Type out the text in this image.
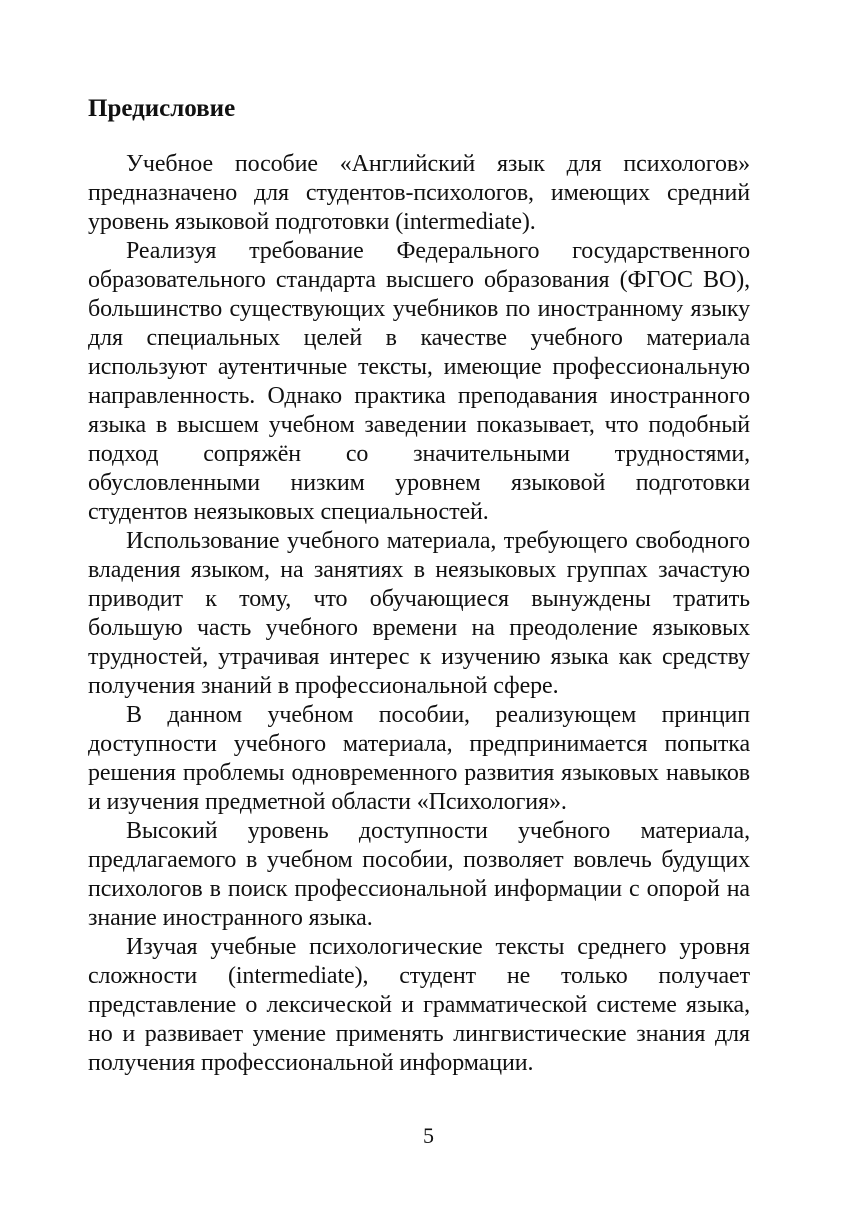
Предисловие

Учебное пособие «Английский язык для психологов» предназначено для студентов-психологов, имеющих средний уровень языковой подготовки (intermediate).

Реализуя требование Федерального государственного образовательного стандарта высшего образования (ФГОС ВО), большинство существующих учебников по иностранному языку для специальных целей в качестве учебного материала используют аутентичные тексты, имеющие профессиональную направленность. Однако практика преподавания иностранного языка в высшем учебном заведении показывает, что подобный подход сопряжён со значительными трудностями, обусловленными низким уровнем языковой подготовки студентов неязыковых специальностей.

Использование учебного материала, требующего свободного владения языком, на занятиях в неязыковых группах зачастую приводит к тому, что обучающиеся вынуждены тратить большую часть учебного времени на преодоление языковых трудностей, утрачивая интерес к изучению языка как средству получения знаний в профессиональной сфере.

В данном учебном пособии, реализующем принцип доступности учебного материала, предпринимается попытка решения проблемы одновременного развития языковых навыков и изучения предметной области «Психология».

Высокий уровень доступности учебного материала, предлагаемого в учебном пособии, позволяет вовлечь будущих психологов в поиск профессиональной информации с опорой на знание иностранного языка.

Изучая учебные психологические тексты среднего уровня сложности (intermediate), студент не только получает представление о лексической и грамматической системе языка, но и развивает умение применять лингвистические знания для получения профессиональной информации.

5
